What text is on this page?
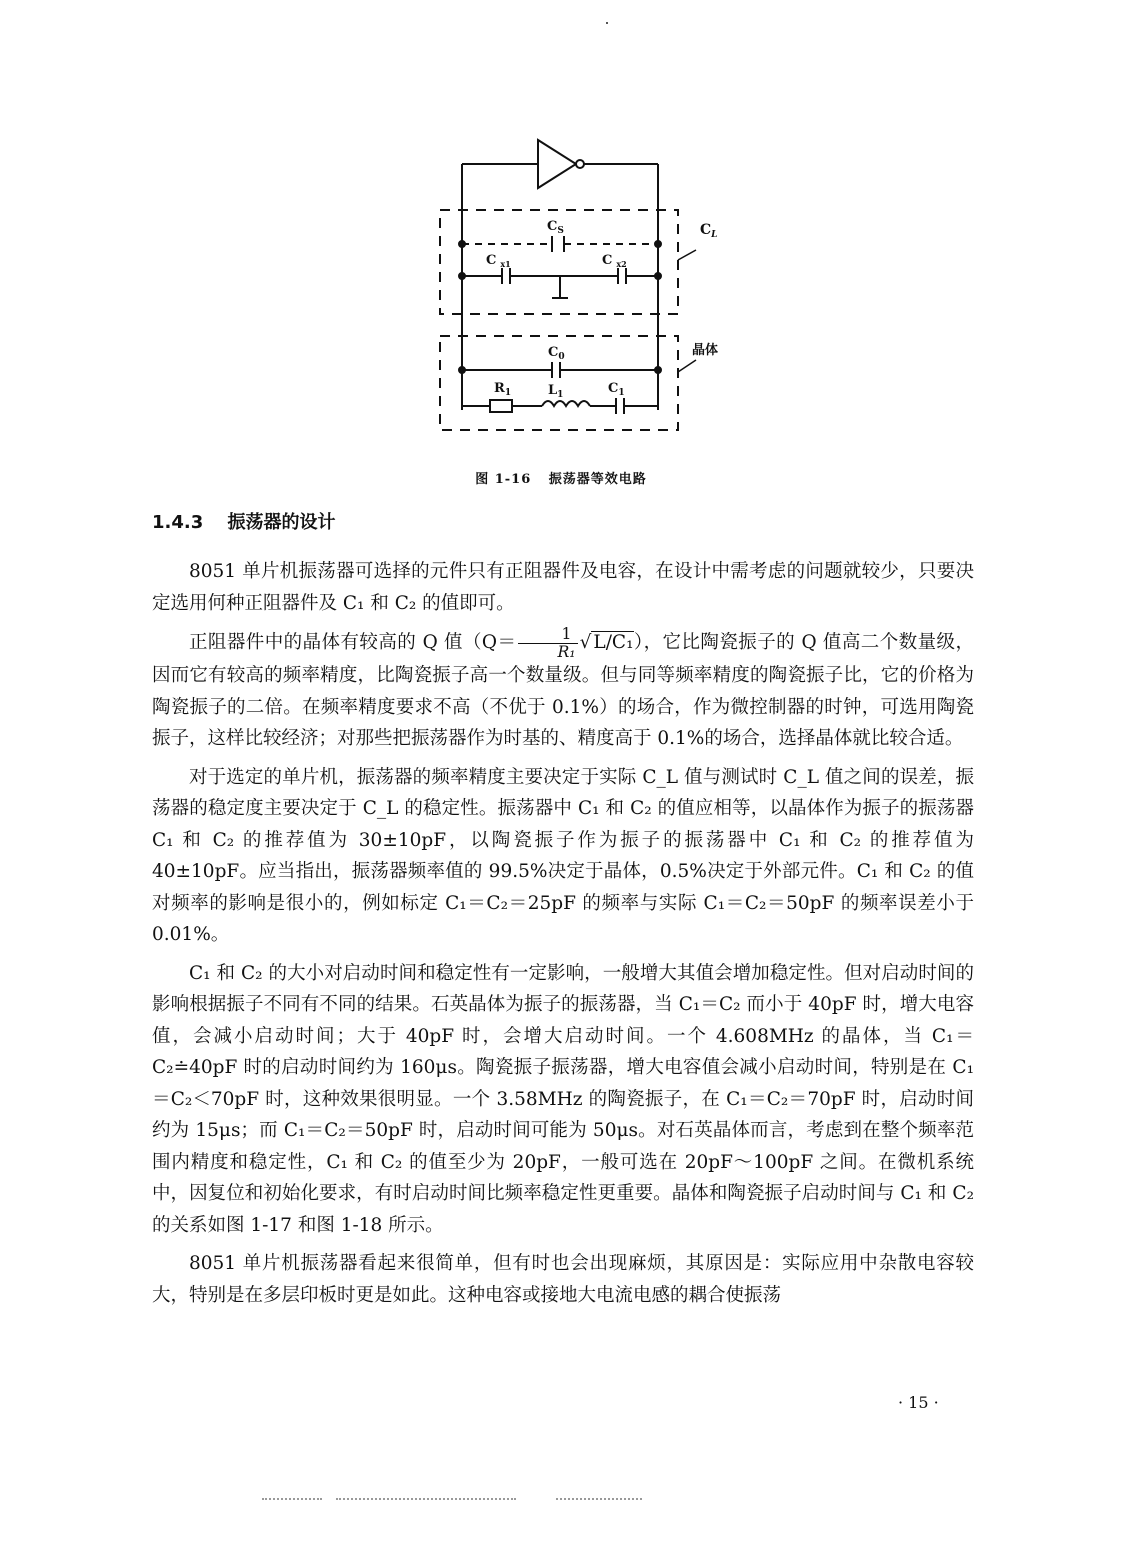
$C_S$
C $_{x1}$	C $_{x2}$
$C_L$
晶体
$C_0$
$R_1$	$L_1$	$C_1$
图 1-16 振荡器等效电路
1.4.3 振荡器的设计

8051 单片机振荡器可选择的元件只有正阻器件及电容，在设计中需考虑的问题就较少，只要决定选用何种正阻器件及 C₁ 和 C₂ 的值即可。

正阻器件中的晶体有较高的 Q 值（$Q= \frac{1}{\text{R₁}}$ √ L/C₁），它比陶瓷振子的 Q 值高二个数量级，因而它有较高的频率精度，比陶瓷振子高一个数量级。但与同等频率精度的陶瓷振子比，它的价格为陶瓷振子的二倍。在频率精度要求不高（不优于 0.1%）的场合，作为微控制器的时钟，可选用陶瓷振子，这样比较经济；对那些把振荡器作为时基的、精度高于 0.1%的场合，选择晶体就比较合适。

对于选定的单片机，振荡器的频率精度主要决定于实际 C_L 值与测试时 C_L 值之间的误差，振荡器的稳定度主要决定于 C_L 的稳定性。振荡器中 C₁ 和 C₂ 的值应相等，以晶体作为振子的振荡器 C₁ 和 C₂ 的推荐值为 30±10pF，以陶瓷振子作为振子的振荡器中 C₁ 和 C₂ 的推荐值为 40±10pF。应当指出，振荡器频率值的 99.5%决定于晶体，0.5%决定于外部元件。C₁ 和 C₂ 的值对频率的影响是很小的，例如标定 C₁＝C₂＝25pF 的频率与实际 C₁＝C₂＝50pF 的频率误差小于 0.01%。

C₁ 和 C₂ 的大小对启动时间和稳定性有一定影响，一般增大其值会增加稳定性。但对启动时间的影响根据振子不同有不同的结果。石英晶体为振子的振荡器，当 C₁＝C₂ 而小于 40pF 时，增大电容值，会减小启动时间；大于 40pF 时，会增大启动时间。一个 4.608MHz 的晶体，当 C₁＝C₂≐40pF 时的启动时间约为 160μs。陶瓷振子振荡器，增大电容值会减小启动时间，特别是在 C₁＝C₂＜70pF 时，这种效果很明显。一个 3.58MHz 的陶瓷振子，在 C₁＝C₂＝70pF 时，启动时间约为 15μs；而 C₁＝C₂＝50pF 时，启动时间可能为 50μs。对石英晶体而言，考虑到在整个频率范围内精度和稳定性，C₁ 和 C₂ 的值至少为 20pF，一般可选在 20pF～100pF 之间。在微机系统中，因复位和初始化要求，有时启动时间比频率稳定性更重要。晶体和陶瓷振子启动时间与 C₁ 和 C₂ 的关系如图 1-17 和图 1-18 所示。

8051 单片机振荡器看起来很简单，但有时也会出现麻烦，其原因是：实际应用中杂散电容较大，特别是在多层印板时更是如此。这种电容或接地大电流电感的耦合使振荡

· 15 ·
